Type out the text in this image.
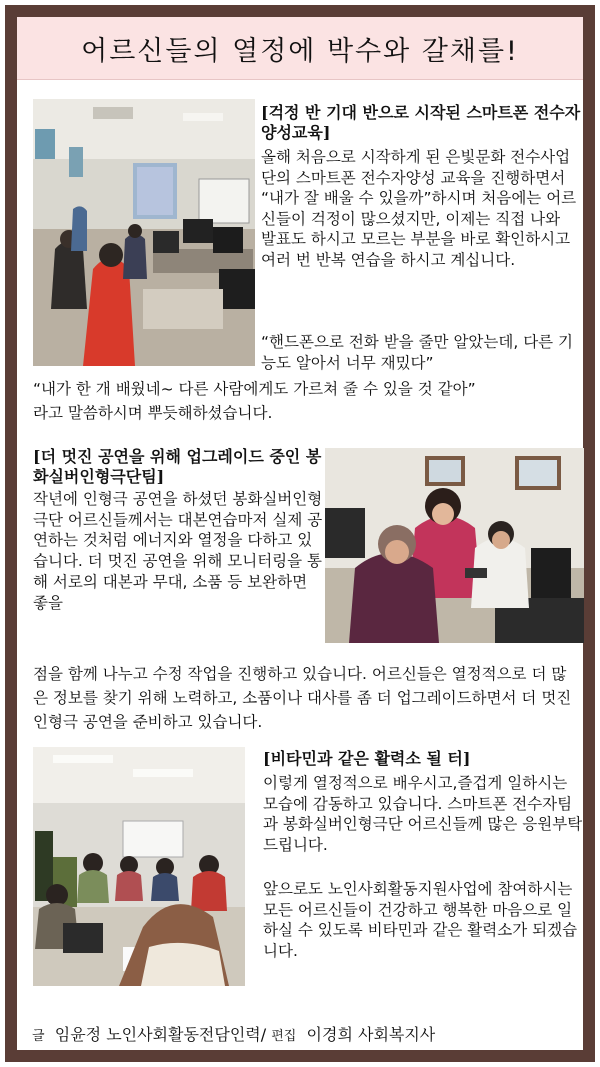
어르신들의 열정에 박수와 갈채를!
[걱정 반 기대 반으로 시작된 스마트폰 전수자 양성교육]
올해 처음으로 시작하게 된 은빛문화 전수사업단의 스마트폰 전수자양성 교육을 진행하면서 “내가 잘 배울 수 있을까”하시며 처음에는 어르신들이 걱정이 많으셨지만, 이제는 직접 나와 발표도 하시고 모르는 부분을 바로 확인하시고 여러 번 반복 연습을 하시고 계십니다.
“핸드폰으로 전화 받을 줄만 알았는데, 다른 기능도 알아서 너무 재밌다”
“내가 한 개 배웠네~ 다른 사람에게도 가르쳐 줄 수 있을 것 같아”
라고 말씀하시며 뿌듯해하셨습니다.
[더 멋진 공연을 위해 업그레이드 중인 봉화실버인형극단팀]
작년에 인형극 공연을 하셨던 봉화실버인형극단 어르신들께서는 대본연습마저 실제 공연하는 것처럼 에너지와 열정을 다하고 있습니다. 더 멋진 공연을 위해 모니터링을 통해 서로의 대본과 무대, 소품 등 보완하면 좋을
점을 함께 나누고 수정 작업을 진행하고 있습니다. 어르신들은 열정적으로 더 많은 정보를 찾기 위해 노력하고, 소품이나 대사를 좀 더 업그레이드하면서 더 멋진 인형극 공연을 준비하고 있습니다.
[비타민과 같은 활력소 될 터]
이렇게 열정적으로 배우시고,즐겁게 일하시는 모습에 감동하고 있습니다. 스마트폰 전수자팀과 봉화실버인형극단 어르신들께 많은 응원부탁드립니다.
앞으로도 노인사회활동지원사업에 참여하시는 모든 어르신들이 건강하고 행복한 마음으로 일하실 수 있도록 비타민과 같은 활력소가 되겠습니다.
글 임윤정 노인사회활동전담인력/ 편집 이경희 사회복지사
